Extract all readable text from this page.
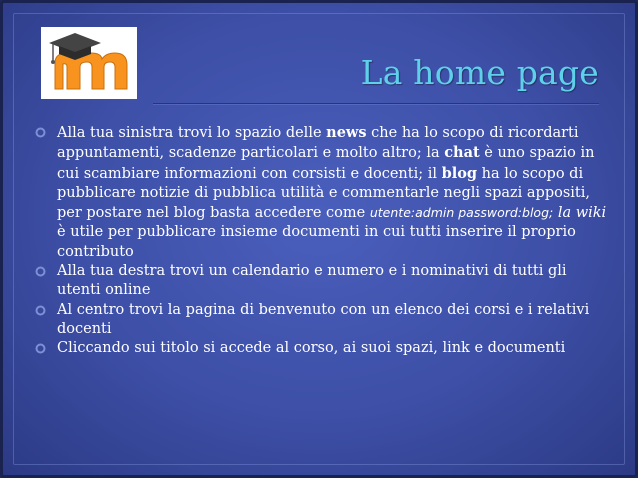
La home page

Alla tua sinistra trovi lo spazio delle news che ha lo scopo di ricordarti appuntamenti, scadenze particolari e molto altro; la chat è uno spazio in cui scambiare informazioni con corsisti e docenti; il blog ha lo scopo di pubblicare notizie di pubblica utilità e commentarle negli spazi appositi, per postare nel blog basta accedere come utente:admin password:blog; la wiki è utile per pubblicare insieme documenti in cui tutti inserire il proprio contributo

Alla tua destra trovi un calendario e numero e i nominativi di tutti gli utenti online

Al centro trovi la pagina di benvenuto con un elenco dei corsi e i relativi docenti

Cliccando sui titolo si accede al corso, ai suoi spazi, link e documenti
